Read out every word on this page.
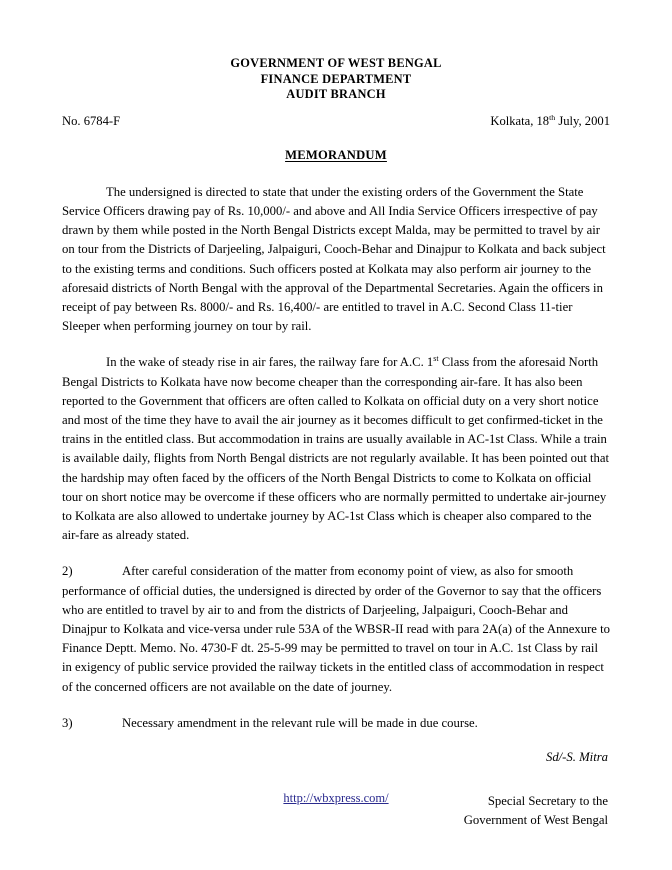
GOVERNMENT OF WEST BENGAL
FINANCE DEPARTMENT
AUDIT BRANCH
No. 6784-F	Kolkata, 18th July, 2001
MEMORANDUM

The undersigned is directed to state that under the existing orders of the Government the State Service Officers drawing pay of Rs. 10,000/- and above and All India Service Officers irrespective of pay drawn by them while posted in the North Bengal Districts except Malda, may be permitted to travel by air on tour from the Districts of Darjeeling, Jalpaiguri, Cooch-Behar and Dinajpur to Kolkata and back subject to the existing terms and conditions. Such officers posted at Kolkata may also perform air journey to the aforesaid districts of North Bengal with the approval of the Departmental Secretaries. Again the officers in receipt of pay between Rs. 8000/- and Rs. 16,400/- are entitled to travel in A.C. Second Class 11-tier Sleeper when performing journey on tour by rail.

In the wake of steady rise in air fares, the railway fare for A.C. 1st Class from the aforesaid North Bengal Districts to Kolkata have now become cheaper than the corresponding air-fare. It has also been reported to the Government that officers are often called to Kolkata on official duty on a very short notice and most of the time they have to avail the air journey as it becomes difficult to get confirmed-ticket in the trains in the entitled class. But accommodation in trains are usually available in AC-1st Class. While a train is available daily, flights from North Bengal districts are not regularly available. It has been pointed out that the hardship may often faced by the officers of the North Bengal Districts to come to Kolkata on official tour on short notice may be overcome if these officers who are normally permitted to undertake air-journey to Kolkata are also allowed to undertake journey by AC-1st Class which is cheaper also compared to the air-fare as already stated.

2)	After careful consideration of the matter from economy point of view, as also for smooth performance of official duties, the undersigned is directed by order of the Governor to say that the officers who are entitled to travel by air to and from the districts of Darjeeling, Jalpaiguri, Cooch-Behar and Dinajpur to Kolkata and vice-versa under rule 53A of the WBSR-II read with para 2A(a) of the Annexure to Finance Deptt. Memo. No. 4730-F dt. 25-5-99 may be permitted to travel on tour in A.C. 1st Class by rail in exigency of public service provided the railway tickets in the entitled class of accommodation in respect of the concerned officers are not available on the date of journey.

3)	Necessary amendment in the relevant rule will be made in due course.

Sd/-S. Mitra
Special Secretary to the
Government of West Bengal
http://wbxpress.com/
